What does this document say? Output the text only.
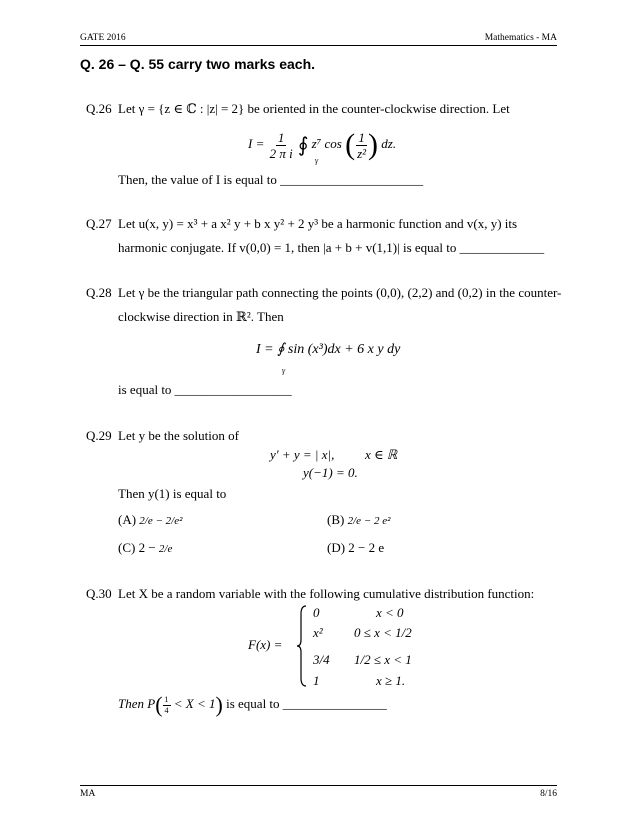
GATE 2016	Mathematics - MA
Q. 26 – Q. 55 carry two marks each.
Q.26 Let γ = {z ∈ ℂ : |z| = 2} be oriented in the counter-clockwise direction. Let
$I = \frac{1}{\text{2 π i}}$ ∮ z⁷ cos ( $\frac{1}{\text{z²}}$ ) dz.
γ
Then, the value of I is equal to ______________________
Q.27 Let u(x, y) = x³ + a x² y + b x y² + 2 y³ be a harmonic function and v(x, y) its
harmonic conjugate. If v(0,0) = 1, then |a + b + v(1,1)| is equal to _____________
Q.28 Let γ be the triangular path connecting the points (0,0), (2,2) and (0,2) in the counter-
clockwise direction in ℝ². Then
I = ∮ sin (x³)dx + 6 x y dy
γ
is equal to __________________
Q.29 Let y be the solution of
y′ + y = | x|, x ∈ ℝ
y(−1) = 0.
Then y(1) is equal to
(A) 2/e − 2/e²	(B) 2/e − 2 e²
(C) 2 − 2/e	(D) 2 − 2 e
Q.30 Let X be a random variable with the following cumulative distribution function:
F(x) =
0	x < 0
x² 0 ≤ x < 1/2
3/4 1/2 ≤ x < 1
1	x ≥ 1.
Then $P( \frac{1}{4} < X < 1)$ is equal to ________________
MA	8/16
